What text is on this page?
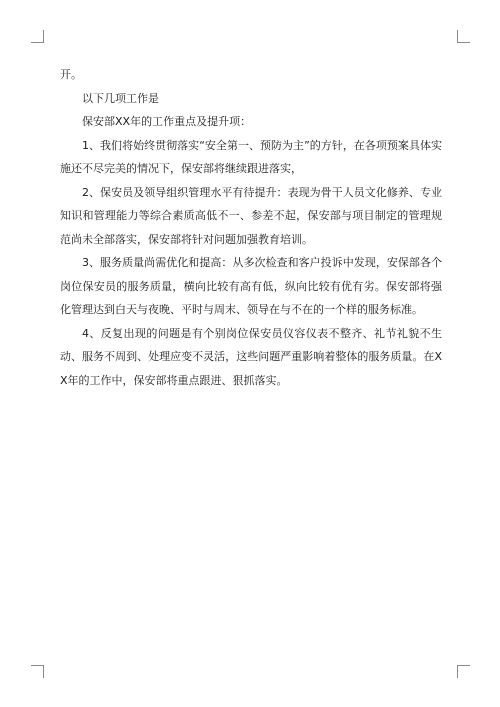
开。

以下几项工作是

保安部XX年的工作重点及提升项：

1、我们将始终贯彻落实“安全第一、预防为主”的方针，在各项预案具体实施还不尽完美的情况下，保安部将继续跟进落实，

2、保安员及领导组织管理水平有待提升：表现为骨干人员文化修养、专业知识和管理能力等综合素质高低不一、参差不起，保安部与项目制定的管理规范尚未全部落实，保安部将针对问题加强教育培训。

3、服务质量尚需优化和提高：从多次检查和客户投诉中发现，安保部各个岗位保安员的服务质量，横向比较有高有低，纵向比较有优有劣。保安部将强化管理达到白天与夜晚、平时与周末、领导在与不在的一个样的服务标准。

4、反复出现的问题是有个别岗位保安员仪容仪表不整齐、礼节礼貌不生动、服务不周到、处理应变不灵活，这些问题严重影响着整体的服务质量。在XX年的工作中，保安部将重点跟进、狠抓落实。
